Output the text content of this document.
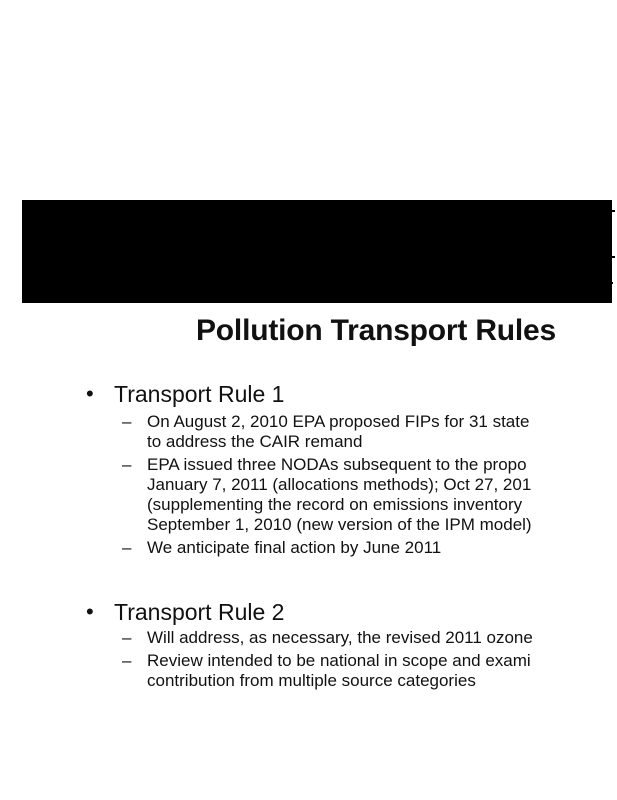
Pollution Transport Rules
• Transport Rule 1
– On August 2, 2010 EPA proposed FIPs for 31 state
to address the CAIR remand
– EPA issued three NODAs subsequent to the propo
January 7, 2011 (allocations methods); Oct 27, 201
(supplementing the record on emissions inventory
September 1, 2010 (new version of the IPM model)
– We anticipate final action by June 2011
• Transport Rule 2
– Will address, as necessary, the revised 2011 ozone
– Review intended to be national in scope and exami
contribution from multiple source categories
